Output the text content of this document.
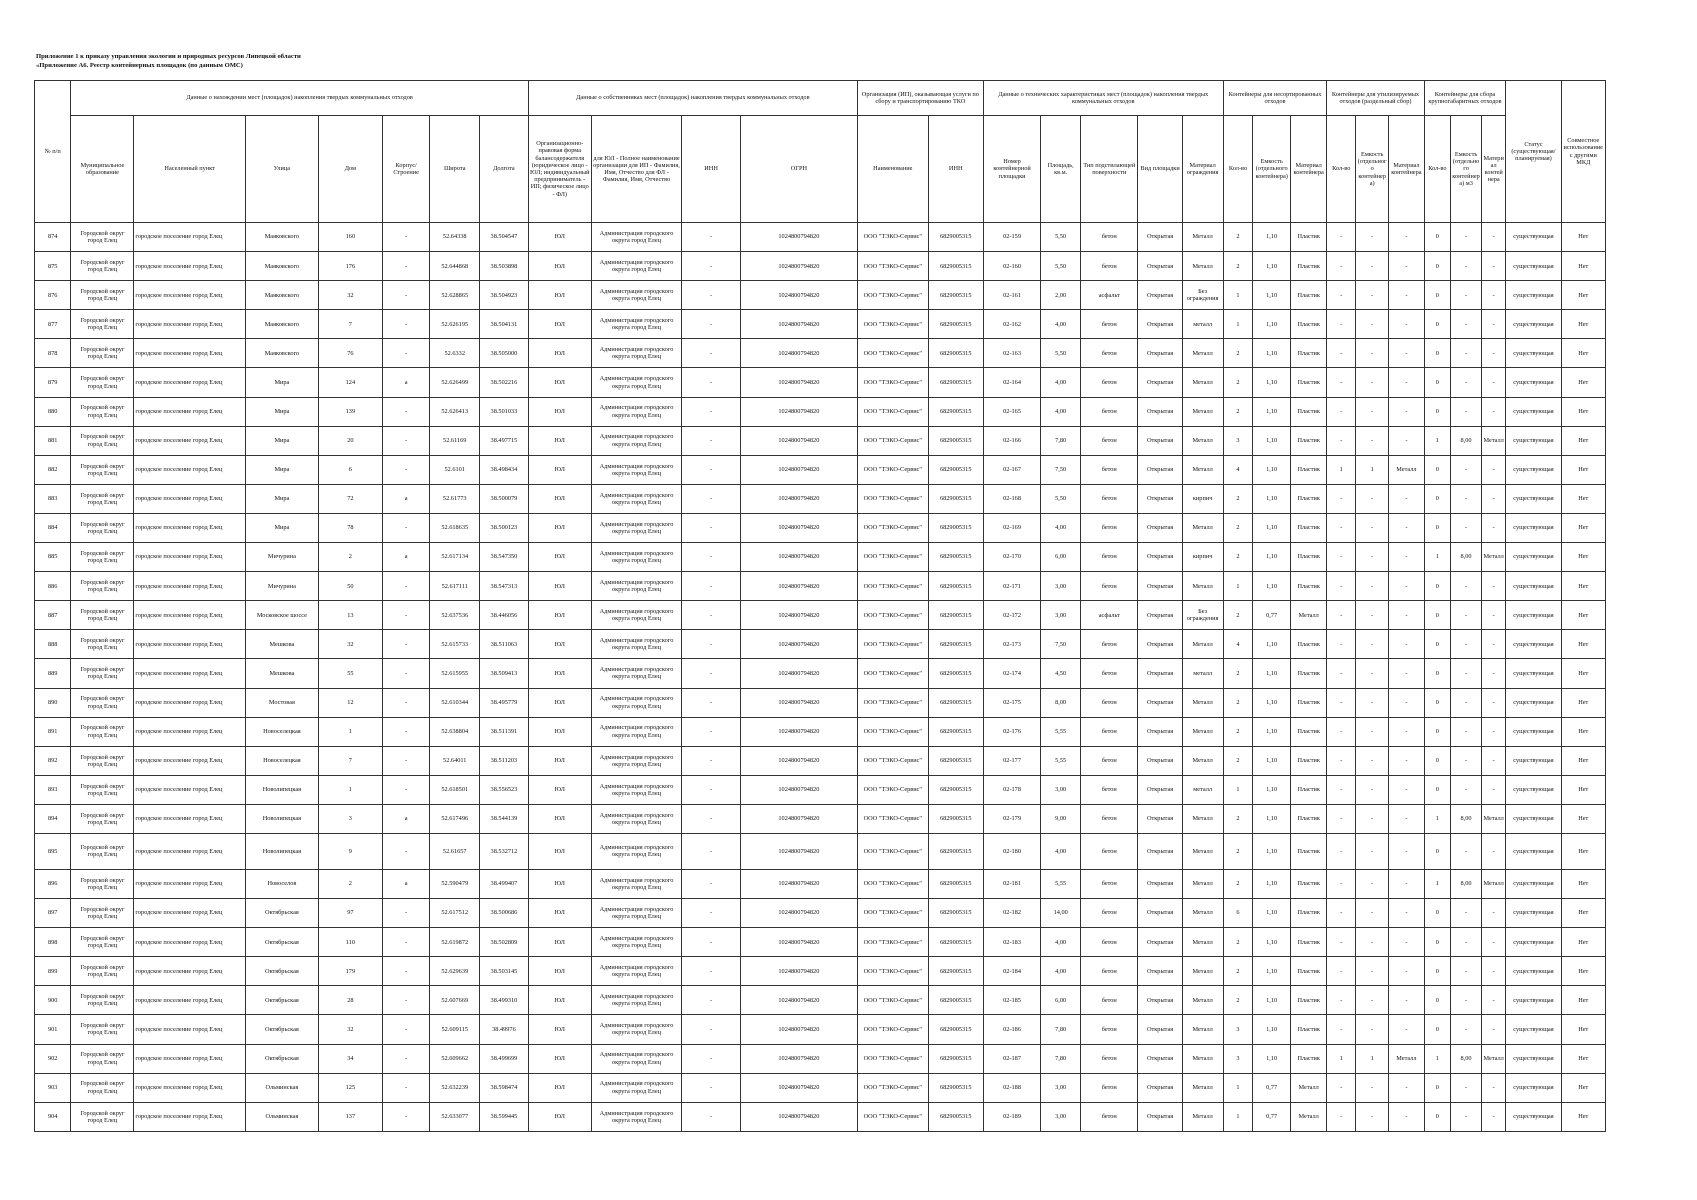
Приложение 1 к приказу управления экологии и природных ресурсов Липецкой области
«Приложение А6. Реестр контейнерных площадок (по данным ОМС)
№ п/п	Данные о нахождении мест (площадок) накопления твердых коммунальных отходов							Данные о собственниках мест (площадок) накопления твердых коммунальных отходов				Организация (ИП), оказывающая услуги по сбору и транспортированию ТКО		Данные о технических характеристиках мест (площадок) накопления твердых коммунальных отходов					Контейнеры для несортированных отходов			Контейнеры для утилизируемых отходов (раздельный сбор)			Контейнеры для сбора крупногабаритных отходов			Статус (существующая/ планируемая)	Совместное использование с другими МКД
	Муниципальное образование	Населенный пункт	Улица	Дом	Корпус/Строение	Широта	Долгота	Организационно-правовая форма балансодержателя (юридическое лицо - ЮЛ; индивидуальный предприниматель - ИП; физическое лицо - ФЛ)	для ЮЛ - Полное наименование организации для ИП - Фамилия, Имя, Отчество для ФЛ - Фамилия, Имя, Отчество	ИНН	ОГРН	Наименование	ИНН	Номер контейнерной площадки	Площадь, кв.м.	Тип подстилающей поверхности	Вид площадки	Материал ограждения	Кол-во	Емкость (отдельного контейнера)	Материал контейнера	Кол-во	Емкость (отдельного контейнера)	Материал контейнера	Кол-во	Емкость (отдельного контейнера) м3	Материал контейнера		
874	Городской округ город Елец	городское поселение город Елец	Маяковского	160	-	52.64338	38.504547	ЮЛ	Администрация городского округа город Елец	-	1024800794820	ООО "ТЭКО-Сервис"	6829005315	02-159	5,50	бетон	Открытая	Металл	2	1,10	Пластик	-	-	-	0	-	-	существующая	Нет
875	Городской округ город Елец	городское поселение город Елец	Маяковского	176	-	52.644868	38.503898	ЮЛ	Администрация городского округа город Елец	-	1024800794820	ООО "ТЭКО-Сервис"	6829005315	02-160	5,50	бетон	Открытая	Металл	2	1,10	Пластик	-	-	-	0	-	-	существующая	Нет
876	Городской округ город Елец	городское поселение город Елец	Маяковского	32	-	52.628865	38.504923	ЮЛ	Администрация городского округа город Елец	-	1024800794820	ООО "ТЭКО-Сервис"	6829005315	02-161	2,00	асфальт	Открытая	Без ограждения	1	1,10	Пластик	-	-	-	0	-	-	существующая	Нет
877	Городской округ город Елец	городское поселение город Елец	Маяковского	7	-	52.626195	38.504131	ЮЛ	Администрация городского округа город Елец	-	1024800794820	ООО "ТЭКО-Сервис"	6829005315	02-162	4,00	бетон	Открытая	металл	1	1,10	Пластик	-	-	-	0	-	-	существующая	Нет
878	Городской округ город Елец	городское поселение город Елец	Маяковского	76	-	52.6332	38.505000	ЮЛ	Администрация городского округа город Елец	-	1024800794820	ООО "ТЭКО-Сервис"	6829005315	02-163	5,50	бетон	Открытая	Металл	2	1,10	Пластик	-	-	-	0	-	-	существующая	Нет
879	Городской округ город Елец	городское поселение город Елец	Мира	124	а	52.626499	38.502216	ЮЛ	Администрация городского округа город Елец	-	1024800794820	ООО "ТЭКО-Сервис"	6829005315	02-164	4,00	бетон	Открытая	Металл	2	1,10	Пластик	-	-	-	0	-	-	существующая	Нет
880	Городской округ город Елец	городское поселение город Елец	Мира	139	-	52.626413	38.501033	ЮЛ	Администрация городского округа город Елец	-	1024800794820	ООО "ТЭКО-Сервис"	6829005315	02-165	4,00	бетон	Открытая	Металл	2	1,10	Пластик	-	-	-	0	-	-	существующая	Нет
881	Городской округ город Елец	городское поселение город Елец	Мира	20	-	52.61169	38.497715	ЮЛ	Администрация городского округа город Елец	-	1024800794820	ООО "ТЭКО-Сервис"	6829005315	02-166	7,80	бетон	Открытая	Металл	3	1,10	Пластик	-	-	-	1	8,00	Металл	существующая	Нет
882	Городской округ город Елец	городское поселение город Елец	Мира	6	-	52.6101	38.498434	ЮЛ	Администрация городского округа город Елец	-	1024800794820	ООО "ТЭКО-Сервис"	6829005315	02-167	7,50	бетон	Открытая	Металл	4	1,10	Пластик	1	1	Металл	0	-	-	существующая	Нет
883	Городской округ город Елец	городское поселение город Елец	Мира	72	а	52.61773	38.500079	ЮЛ	Администрация городского округа город Елец	-	1024800794820	ООО "ТЭКО-Сервис"	6829005315	02-168	5,50	бетон	Открытая	кирпич	2	1,10	Пластик	-	-	-	0	-	-	существующая	Нет
884	Городской округ город Елец	городское поселение город Елец	Мира	78	-	52.618635	38.500123	ЮЛ	Администрация городского округа город Елец	-	1024800794820	ООО "ТЭКО-Сервис"	6829005315	02-169	4,00	бетон	Открытая	Металл	2	1,10	Пластик	-	-	-	0	-	-	существующая	Нет
885	Городской округ город Елец	городское поселение город Елец	Мичурина	2	а	52.617134	38.547350	ЮЛ	Администрация городского округа город Елец	-	1024800794820	ООО "ТЭКО-Сервис"	6829005315	02-170	6,00	бетон	Открытая	кирпич	2	1,10	Пластик	-	-	-	1	8,00	Металл	существующая	Нет
886	Городской округ город Елец	городское поселение город Елец	Мичурина	50	-	52.617111	38.547313	ЮЛ	Администрация городского округа город Елец	-	1024800794820	ООО "ТЭКО-Сервис"	6829005315	02-171	3,00	бетон	Открытая	Металл	1	1,10	Пластик	-	-	-	0	-	-	существующая	Нет
887	Городской округ город Елец	городское поселение город Елец	Московское шоссе	13	-	52.637536	38.446056	ЮЛ	Администрация городского округа город Елец	-	1024800794820	ООО "ТЭКО-Сервис"	6829005315	02-172	3,00	асфальт	Открытая	Без ограждения	2	0,77	Металл	-	-	-	0	-	-	существующая	Нет
888	Городской округ город Елец	городское поселение город Елец	Мешкова	32	-	52.615733	38.511063	ЮЛ	Администрация городского округа город Елец	-	1024800794820	ООО "ТЭКО-Сервис"	6829005315	02-173	7,50	бетон	Открытая	Металл	4	1,10	Пластик	-	-	-	0	-	-	существующая	Нет
889	Городской округ город Елец	городское поселение город Елец	Мешкова	55	-	52.615955	38.509413	ЮЛ	Администрация городского округа город Елец	-	1024800794820	ООО "ТЭКО-Сервис"	6829005315	02-174	4,50	бетон	Открытая	металл	2	1,10	Пластик	-	-	-	0	-	-	существующая	Нет
890	Городской округ город Елец	городское поселение город Елец	Мостовая	12	-	52.610344	38.495779	ЮЛ	Администрация городского округа город Елец	-	1024800794820	ООО "ТЭКО-Сервис"	6829005315	02-175	8,00	бетон	Открытая	Металл	2	1,10	Пластик	-	-	-	0	-	-	существующая	Нет
891	Городской округ город Елец	городское поселение город Елец	Новоселецкая	1	-	52.638804	38.511391	ЮЛ	Администрация городского округа город Елец	-	1024800794820	ООО "ТЭКО-Сервис"	6829005315	02-176	5,55	бетон	Открытая	Металл	2	1,10	Пластик	-	-	-	0	-	-	существующая	Нет
892	Городской округ город Елец	городское поселение город Елец	Новоселецкая	7	-	52.64011	38.511203	ЮЛ	Администрация городского округа город Елец	-	1024800794820	ООО "ТЭКО-Сервис"	6829005315	02-177	5,55	бетон	Открытая	Металл	2	1,10	Пластик	-	-	-	0	-	-	существующая	Нет
893	Городской округ город Елец	городское поселение город Елец	Новолипецкая	1	-	52.618501	38.556523	ЮЛ	Администрация городского округа город Елец	-	1024800794820	ООО "ТЭКО-Сервис"	6829005315	02-178	3,00	бетон	Открытая	металл	1	1,10	Пластик	-	-	-	0	-	-	существующая	Нет
894	Городской округ город Елец	городское поселение город Елец	Новолипецкая	3	а	52.617496	38.544139	ЮЛ	Администрация городского округа город Елец	-	1024800794820	ООО "ТЭКО-Сервис"	6829005315	02-179	9,00	бетон	Открытая	Металл	2	1,10	Пластик	-	-	-	1	8,00	Металл	существующая	Нет
895	Городской округ город Елец	городское поселение город Елец	Новолипецкая	9	-	52.61657	38.532712	ЮЛ	Администрация городского округа город Елец	-	1024800794820	ООО "ТЭКО-Сервис"	6829005315	02-180	4,00	бетон	Открытая	Металл	2	1,10	Пластик	-	-	-	0	-	-	существующая	Нет
896	Городской округ город Елец	городское поселение город Елец	Новоселов	2	а	52.590479	38.499407	ЮЛ	Администрация городского округа город Елец	-	1024800794820	ООО "ТЭКО-Сервис"	6829005315	02-181	5,55	бетон	Открытая	Металл	2	1,10	Пластик	-	-	-	1	8,00	Металл	существующая	Нет
897	Городской округ город Елец	городское поселение город Елец	Октябрьская	97	-	52.617512	38.500686	ЮЛ	Администрация городского округа город Елец	-	1024800794820	ООО "ТЭКО-Сервис"	6829005315	02-182	14,00	бетон	Открытая	Металл	6	1,10	Пластик	-	-	-	0	-	-	существующая	Нет
898	Городской округ город Елец	городское поселение город Елец	Октябрьская	110	-	52.619872	38.502809	ЮЛ	Администрация городского округа город Елец	-	1024800794820	ООО "ТЭКО-Сервис"	6829005315	02-183	4,00	бетон	Открытая	Металл	2	1,10	Пластик	-	-	-	0	-	-	существующая	Нет
899	Городской округ город Елец	городское поселение город Елец	Октябрьская	179	-	52.629639	38.503145	ЮЛ	Администрация городского округа город Елец	-	1024800794820	ООО "ТЭКО-Сервис"	6829005315	02-184	4,00	бетон	Открытая	Металл	2	1,10	Пластик	-	-	-	0	-	-	существующая	Нет
900	Городской округ город Елец	городское поселение город Елец	Октябрьская	28	-	52.607669	38.499310	ЮЛ	Администрация городского округа город Елец	-	1024800794820	ООО "ТЭКО-Сервис"	6829005315	02-185	6,00	бетон	Открытая	Металл	2	1,10	Пластик	-	-	-	0	-	-	существующая	Нет
901	Городской округ город Елец	городское поселение город Елец	Октябрьская	32	-	52.609115	38.49976	ЮЛ	Администрация городского округа город Елец	-	1024800794820	ООО "ТЭКО-Сервис"	6829005315	02-186	7,80	бетон	Открытая	Металл	3	1,10	Пластик	-	-	-	0	-	-	существующая	Нет
902	Городской округ город Елец	городское поселение город Елец	Октябрьская	34	-	52.609662	38.499699	ЮЛ	Администрация городского округа город Елец	-	1024800794820	ООО "ТЭКО-Сервис"	6829005315	02-187	7,80	бетон	Открытая	Металл	3	1,10	Пластик	1	1	Металл	1	8,00	Металл	существующая	Нет
903	Городской округ город Елец	городское поселение город Елец	Ольминская	125	-	52.632239	38.598474	ЮЛ	Администрация городского округа город Елец	-	1024800794820	ООО "ТЭКО-Сервис"	6829005315	02-188	3,00	бетон	Открытая	Металл	1	0,77	Металл	-	-	-	0	-	-	существующая	Нет
904	Городской округ город Елец	городское поселение город Елец	Ольминская	137	-	52.633077	38.599445	ЮЛ	Администрация городского округа город Елец	-	1024800794820	ООО "ТЭКО-Сервис"	6829005315	02-189	3,00	бетон	Открытая	Металл	1	0,77	Металл	-	-	-	0	-	-	существующая	Нет
